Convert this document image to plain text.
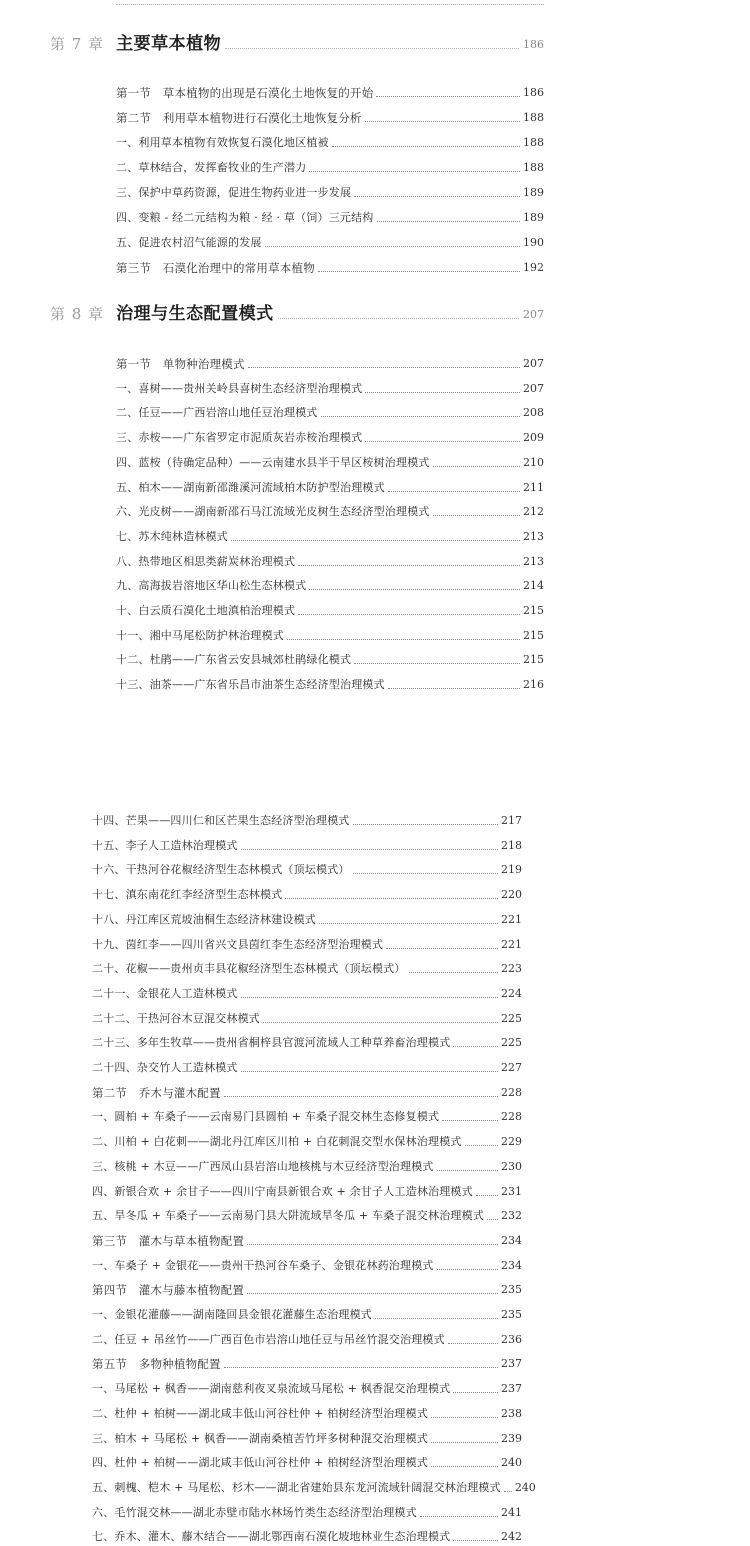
第 7 章 主要草本植物	186
第一节　草本植物的出现是石漠化土地恢复的开始	186
第二节　利用草本植物进行石漠化土地恢复分析	188
一、利用草本植物有效恢复石漠化地区植被	188
二、草林结合，发挥畜牧业的生产潜力	188
三、保护中草药资源，促进生物药业进一步发展	189
四、变粮 - 经二元结构为粮 · 经 · 草（饲）三元结构	189
五、促进农村沼气能源的发展	190
第三节　石漠化治理中的常用草本植物	192
第 8 章 治理与生态配置模式	207
第一节　单物种治理模式	207
一、喜树——贵州关岭县喜树生态经济型治理模式	207
二、任豆——广西岩溶山地任豆治理模式	208
三、赤桉——广东省罗定市泥质灰岩赤桉治理模式	209
四、蓝桉（待确定品种）——云南建水县半干旱区桉树治理模式	210
五、柏木——湖南新邵潍溪河流域柏木防护型治理模式	211
六、光皮树——湖南新邵石马江流域光皮树生态经济型治理模式	212
七、苏木纯林造林模式	213
八、热带地区相思类薪炭林治理模式	213
九、高海拔岩溶地区华山松生态林模式	214
十、白云质石漠化土地滇柏治理模式	215
十一、湘中马尾松防护林治理模式	215
十二、杜鹃——广东省云安县城郊杜鹃绿化模式	215
十三、油茶——广东省乐昌市油茶生态经济型治理模式	216
十四、芒果——四川仁和区芒果生态经济型治理模式	217
十五、李子人工造林治理模式	218
十六、干热河谷花椒经济型生态林模式（顶坛模式）	219
十七、滇东南花红李经济型生态林模式	220
十八、丹江库区荒坡油桐生态经济林建设模式	221
十九、茵红李——四川省兴文县茵红李生态经济型治理模式	221
二十、花椒——贵州贞丰县花椒经济型生态林模式（顶坛模式）	223
二十一、金银花人工造林模式	224
二十二、干热河谷木豆混交林模式	225
二十三、多年生牧草——贵州省桐梓县官渡河流域人工种草养畜治理模式	225
二十四、杂交竹人工造林模式	227
第二节　乔木与灌木配置	228
一、圆柏 + 车桑子——云南易门县圆柏 + 车桑子混交林生态修复模式	228
二、川柏 + 白花刺——湖北丹江库区川柏 + 白花刺混交型水保林治理模式	229
三、核桃 + 木豆——广西凤山县岩溶山地核桃与木豆经济型治理模式	230
四、新银合欢 + 余甘子——四川宁南县新银合欢 + 余甘子人工造林治理模式	231
五、旱冬瓜 + 车桑子——云南易门县大阱流域旱冬瓜 + 车桑子混交林治理模式 232
第三节　灌木与草本植物配置	234
一、车桑子 + 金银花——贵州干热河谷车桑子、金银花林药治理模式	234
第四节　灌木与藤本植物配置	235
一、金银花灌藤——湖南隆回县金银花灌藤生态治理模式	235
二、任豆 + 吊丝竹——广西百色市岩溶山地任豆与吊丝竹混交治理模式	236
第五节　多物种植物配置	237
一、马尾松 + 枫香——湖南慈利夜叉泉流域马尾松 + 枫香混交治理模式	237
二、杜仲 + 柏树——湖北咸丰低山河谷杜仲 + 柏树经济型治理模式	238
三、柏木 + 马尾松 + 枫香——湖南桑植苦竹坪多树种混交治理模式	239
四、杜仲 + 柏树——湖北咸丰低山河谷杜仲 + 柏树经济型治理模式	240
五、刺槐、桤木 + 马尾松、杉木——湖北省建始县东龙河流域针阔混交林治理模式 240
六、毛竹混交林——湖北赤壁市陆水林场竹类生态经济型治理模式	241
七、乔木、灌木、藤木结合——湖北鄂西南石漠化坡地林业生态治理模式	242
